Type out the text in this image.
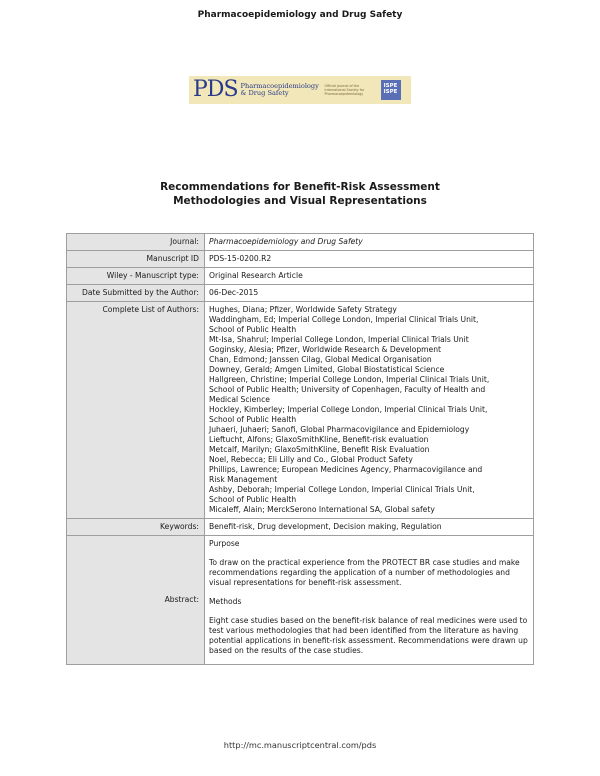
Pharmacoepidemiology and Drug Safety
PDS Pharmacoepidemiology
& Drug Safety
Official Journal of the
International Society for
Pharmacoepidemiology
ISPE
ISPE
Recommendations for Benefit-Risk Assessment
Methodologies and Visual Representations
Journal:	Pharmacoepidemiology and Drug Safety
Manuscript ID	PDS-15-0200.R2
Wiley - Manuscript type:	Original Research Article
Date Submitted by the Author:	06-Dec-2015
Complete List of Authors:	Hughes, Diana; Pfizer, Worldwide Safety Strategy
Waddingham, Ed; Imperial College London, Imperial Clinical Trials Unit,
School of Public Health
Mt-Isa, Shahrul; Imperial College London, Imperial Clinical Trials Unit
Goginsky, Alesia; Pfizer, Worldwide Research & Development
Chan, Edmond; Janssen Cilag, Global Medical Organisation
Downey, Gerald; Amgen Limited, Global Biostatistical Science
Hallgreen, Christine; Imperial College London, Imperial Clinical Trials Unit,
School of Public Health; University of Copenhagen, Faculty of Health and
Medical Science
Hockley, Kimberley; Imperial College London, Imperial Clinical Trials Unit,
School of Public Health
Juhaeri, Juhaeri; Sanofi, Global Pharmacovigilance and Epidemiology
Lieftucht, Alfons; GlaxoSmithKline, Benefit-risk evaluation
Metcalf, Marilyn; GlaxoSmithKline, Benefit Risk Evaluation
Noel, Rebecca; Eli Lilly and Co., Global Product Safety
Phillips, Lawrence; European Medicines Agency, Pharmacovigilance and
Risk Management
Ashby, Deborah; Imperial College London, Imperial Clinical Trials Unit,
School of Public Health
Micaleff, Alain; MerckSerono International SA, Global safety
Keywords:	Benefit-risk, Drug development, Decision making, Regulation
Abstract:
Purpose
To draw on the practical experience from the PROTECT BR case studies and make recommendations regarding the application of a number of methodologies and visual representations for benefit-risk assessment.
Methods
Eight case studies based on the benefit-risk balance of real medicines were used to test various methodologies that had been identified from the literature as having potential applications in benefit-risk assessment. Recommendations were drawn up based on the results of the case studies.
http://mc.manuscriptcentral.com/pds
